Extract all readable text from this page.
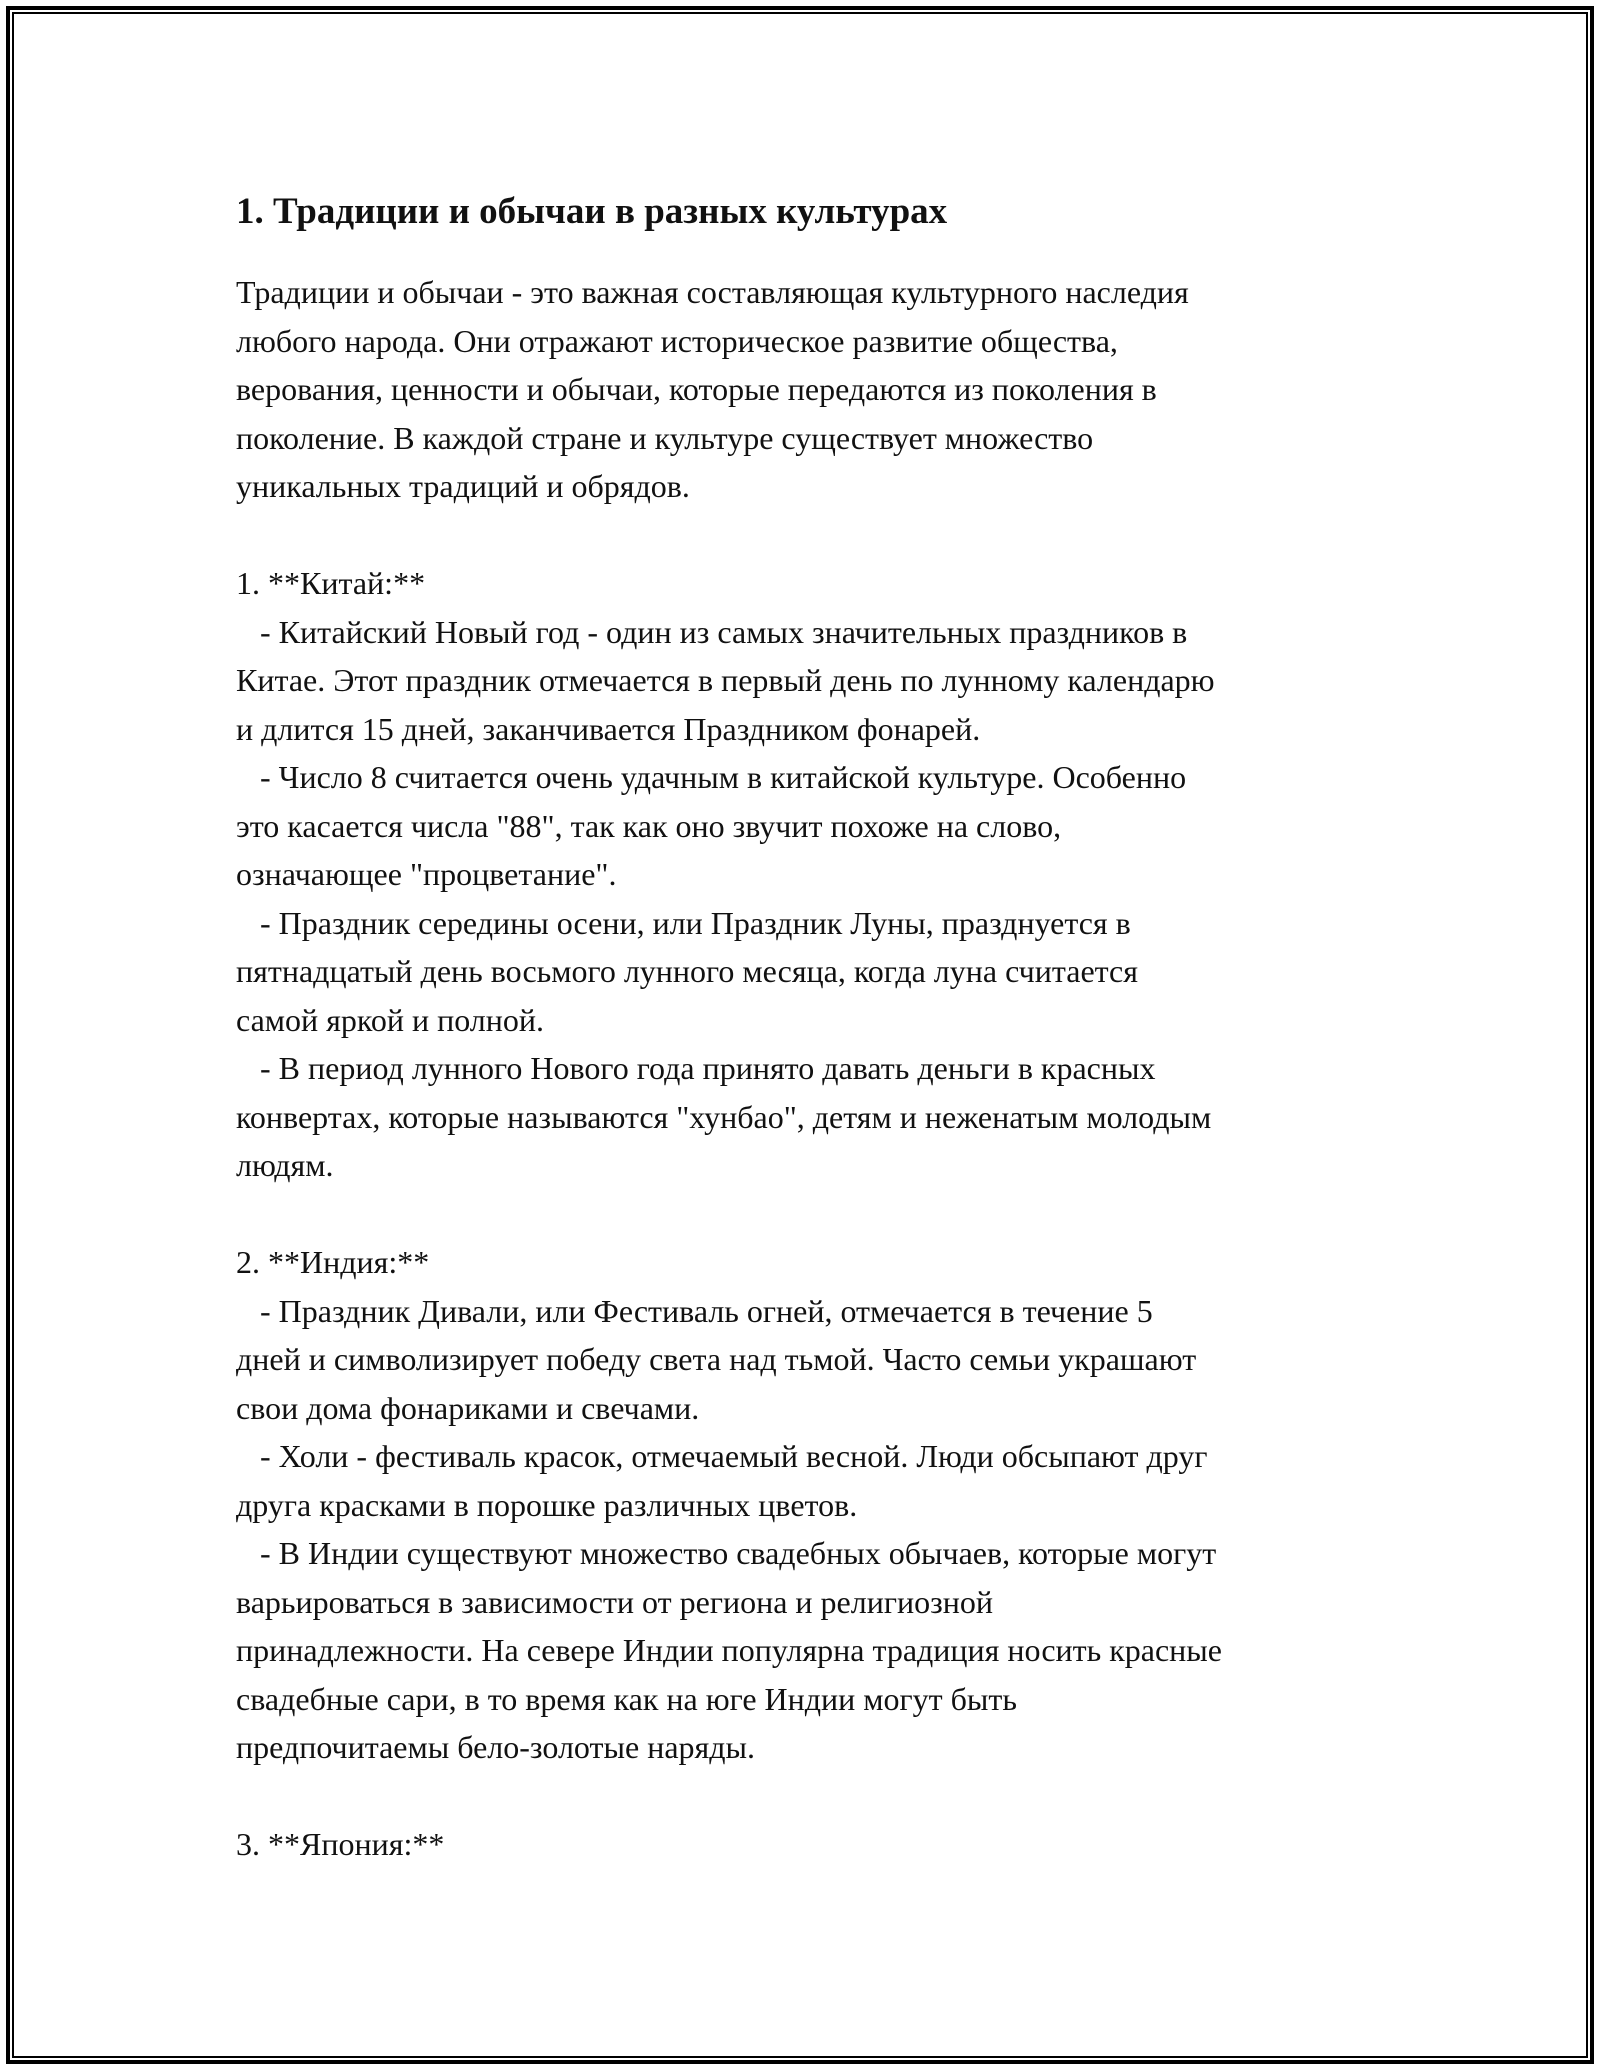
1. Традиции и обычаи в разных культурах

Традиции и обычаи - это важная составляющая культурного наследия
любого народа. Они отражают историческое развитие общества,
верования, ценности и обычаи, которые передаются из поколения в
поколение. В каждой стране и культуре существует множество
уникальных традиций и обрядов.

1. **Китай:**

- Китайский Новый год - один из самых значительных праздников в
Китае. Этот праздник отмечается в первый день по лунному календарю
и длится 15 дней, заканчивается Праздником фонарей.

- Число 8 считается очень удачным в китайской культуре. Особенно
это касается числа "88", так как оно звучит похоже на слово,
означающее "процветание".

- Праздник середины осени, или Праздник Луны, празднуется в
пятнадцатый день восьмого лунного месяца, когда луна считается
самой яркой и полной.

- В период лунного Нового года принято давать деньги в красных
конвертах, которые называются "хунбао", детям и неженатым молодым
людям.

2. **Индия:**

- Праздник Дивали, или Фестиваль огней, отмечается в течение 5
дней и символизирует победу света над тьмой. Часто семьи украшают
свои дома фонариками и свечами.

- Холи - фестиваль красок, отмечаемый весной. Люди обсыпают друг
друга красками в порошке различных цветов.

- В Индии существуют множество свадебных обычаев, которые могут
варьироваться в зависимости от региона и религиозной
принадлежности. На севере Индии популярна традиция носить красные
свадебные сари, в то время как на юге Индии могут быть
предпочитаемы бело-золотые наряды.

3. **Япония:**
